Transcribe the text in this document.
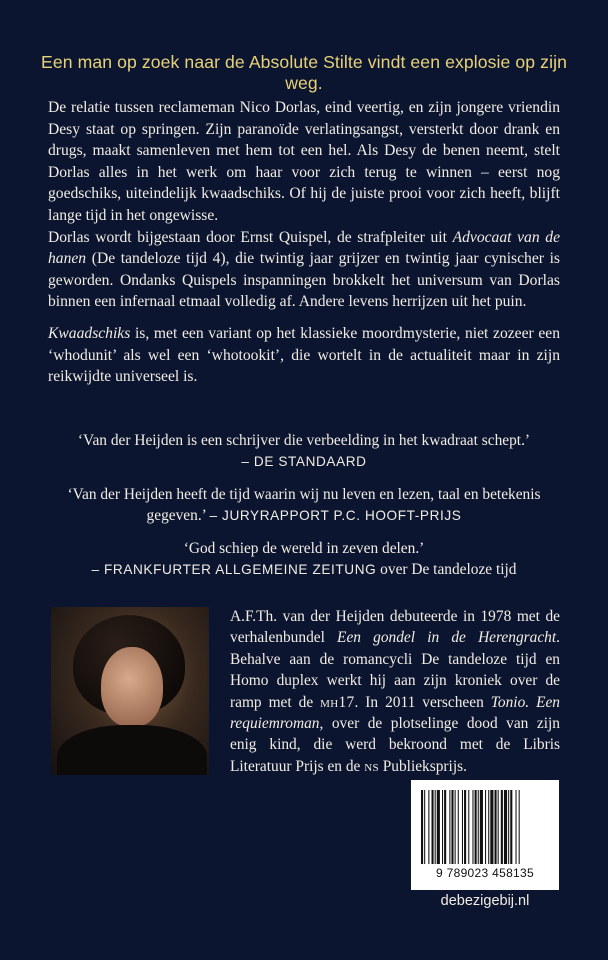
Een man op zoek naar de Absolute Stilte vindt een explosie op zijn weg.

De relatie tussen reclameman Nico Dorlas, eind veertig, en zijn jongere vriendin Desy staat op springen. Zijn paranoïde verlatingsangst, versterkt door drank en drugs, maakt samenleven met hem tot een hel. Als Desy de benen neemt, stelt Dorlas alles in het werk om haar voor zich terug te winnen – eerst nog goedschiks, uiteindelijk kwaadschiks. Of hij de juiste prooi voor zich heeft, blijft lange tijd in het ongewisse.

Dorlas wordt bijgestaan door Ernst Quispel, de strafpleiter uit Advocaat van de hanen (De tandeloze tijd 4), die twintig jaar grijzer en twintig jaar cynischer is geworden. Ondanks Quispels inspanningen brokkelt het universum van Dorlas binnen een infernaal etmaal volledig af. Andere levens herrijzen uit het puin.

Kwaadschiks is, met een variant op het klassieke moordmysterie, niet zozeer een ‘whodunit’ als wel een ‘whotookit’, die wortelt in de actualiteit maar in zijn reikwijdte universeel is.

‘Van der Heijden is een schrijver die verbeelding in het kwadraat schept.’
– DE STANDAARD
‘Van der Heijden heeft de tijd waarin wij nu leven en lezen, taal en betekenis gegeven.’ – JURYRAPPORT P.C. HOOFT-PRIJS
‘God schiep de wereld in zeven delen.’
– FRANKFURTER ALLGEMEINE ZEITUNG over De tandeloze tijd

A.F.Th. van der Heijden debuteerde in 1978 met de verhalenbundel Een gondel in de Herengracht. Behalve aan de romancycli De tandeloze tijd en Homo duplex werkt hij aan zijn kroniek over de ramp met de mh17. In 2011 verscheen Tonio. Een requiemroman, over de plotselinge dood van zijn enig kind, die werd bekroond met de Libris Literatuur Prijs en de ns Publieksprijs.

9 789023 458135
debezigebij.nl
